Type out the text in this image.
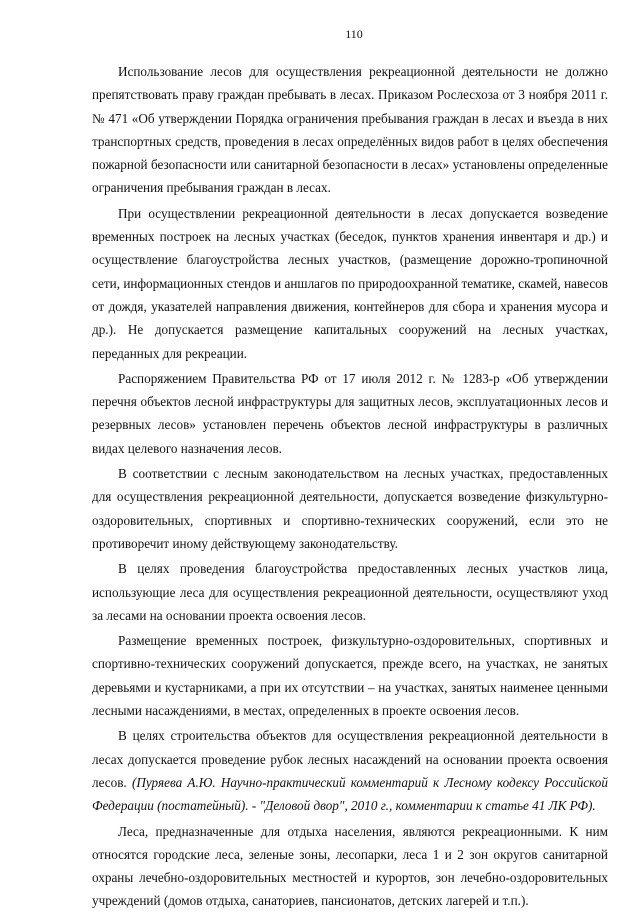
110

Использование лесов для осуществления рекреационной деятельности не должно препятствовать праву граждан пребывать в лесах. Приказом Рослесхоза от 3 ноября 2011 г. № 471 «Об утверждении Порядка ограничения пребывания граждан в лесах и въезда в них транспортных средств, проведения в лесах определённых видов работ в целях обеспечения пожарной безопасности или санитарной безопасности в лесах» установлены определенные ограничения пребывания граждан в лесах.

При осуществлении рекреационной деятельности в лесах допускается возведение временных построек на лесных участках (беседок, пунктов хранения инвентаря и др.) и осуществление благоустройства лесных участков, (размещение дорожно-тропиночной сети, информационных стендов и аншлагов по природоохранной тематике, скамей, навесов от дождя, указателей направления движения, контейнеров для сбора и хранения мусора и др.). Не допускается размещение капитальных сооружений на лесных участках, переданных для рекреации.

Распоряжением Правительства РФ от 17 июля 2012 г. № 1283-р «Об утверждении перечня объектов лесной инфраструктуры для защитных лесов, эксплуатационных лесов и резервных лесов» установлен перечень объектов лесной инфраструктуры в различных видах целевого назначения лесов.

В соответствии с лесным законодательством на лесных участках, предоставленных для осуществления рекреационной деятельности, допускается возведение физкультурно-оздоровительных, спортивных и спортивно-технических сооружений, если это не противоречит иному действующему законодательству.

В целях проведения благоустройства предоставленных лесных участков лица, использующие леса для осуществления рекреационной деятельности, осуществляют уход за лесами на основании проекта освоения лесов.

Размещение временных построек, физкультурно-оздоровительных, спортивных и спортивно-технических сооружений допускается, прежде всего, на участках, не занятых деревьями и кустарниками, а при их отсутствии – на участках, занятых наименее ценными лесными насаждениями, в местах, определенных в проекте освоения лесов.

В целях строительства объектов для осуществления рекреационной деятельности в лесах допускается проведение рубок лесных насаждений на основании проекта освоения лесов. (Пуряева А.Ю. Научно-практический комментарий к Лесному кодексу Российской Федерации (постатейный). - "Деловой двор", 2010 г., комментарии к статье 41 ЛК РФ).

Леса, предназначенные для отдыха населения, являются рекреационными. К ним относятся городские леса, зеленые зоны, лесопарки, леса 1 и 2 зон округов санитарной охраны лечебно-оздоровительных местностей и курортов, зон лечебно-оздоровительных учреждений (домов отдыха, санаториев, пансионатов, детских лагерей и т.п.).
